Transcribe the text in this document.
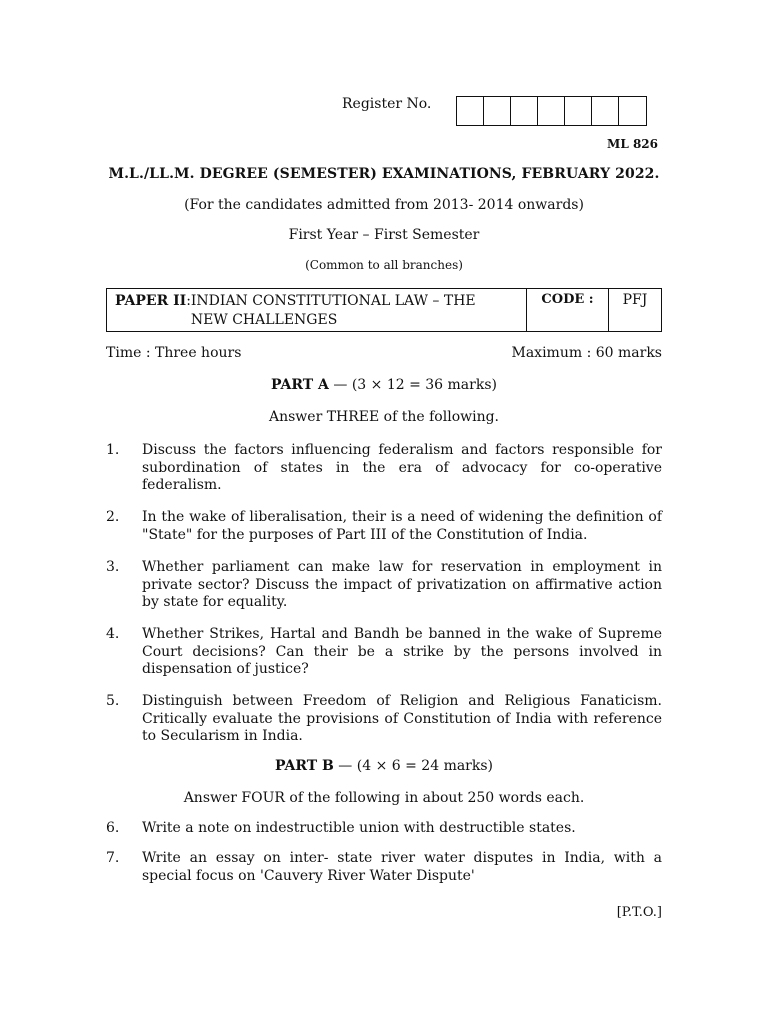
Register No.
ML 826
M.L./LL.M. DEGREE (SEMESTER) EXAMINATIONS, FEBRUARY 2022.
(For the candidates admitted from 2013- 2014 onwards)
First Year – First Semester
(Common to all branches)
PAPER II : INDIAN CONSTITUTIONAL LAW – THE
NEW CHALLENGES
CODE :	PFJ
Time : Three hours	Maximum : 60 marks
PART A — (3 × 12 = 36 marks)
Answer THREE of the following.
1.	Discuss the factors influencing federalism and factors responsible for subordination of states in the era of advocacy for co-operative federalism.
2.	In the wake of liberalisation, their is a need of widening the definition of "State" for the purposes of Part III of the Constitution of India.
3.	Whether parliament can make law for reservation in employment in private sector? Discuss the impact of privatization on affirmative action by state for equality.
4.	Whether Strikes, Hartal and Bandh be banned in the wake of Supreme Court decisions? Can their be a strike by the persons involved in dispensation of justice?
5.	Distinguish between Freedom of Religion and Religious Fanaticism. Critically evaluate the provisions of Constitution of India with reference to Secularism in India.
PART B — (4 × 6 = 24 marks)
Answer FOUR of the following in about 250 words each.
6.	Write a note on indestructible union with destructible states.
7.	Write an essay on inter- state river water disputes in India, with a special focus on 'Cauvery River Water Dispute'
[P.T.O.]
